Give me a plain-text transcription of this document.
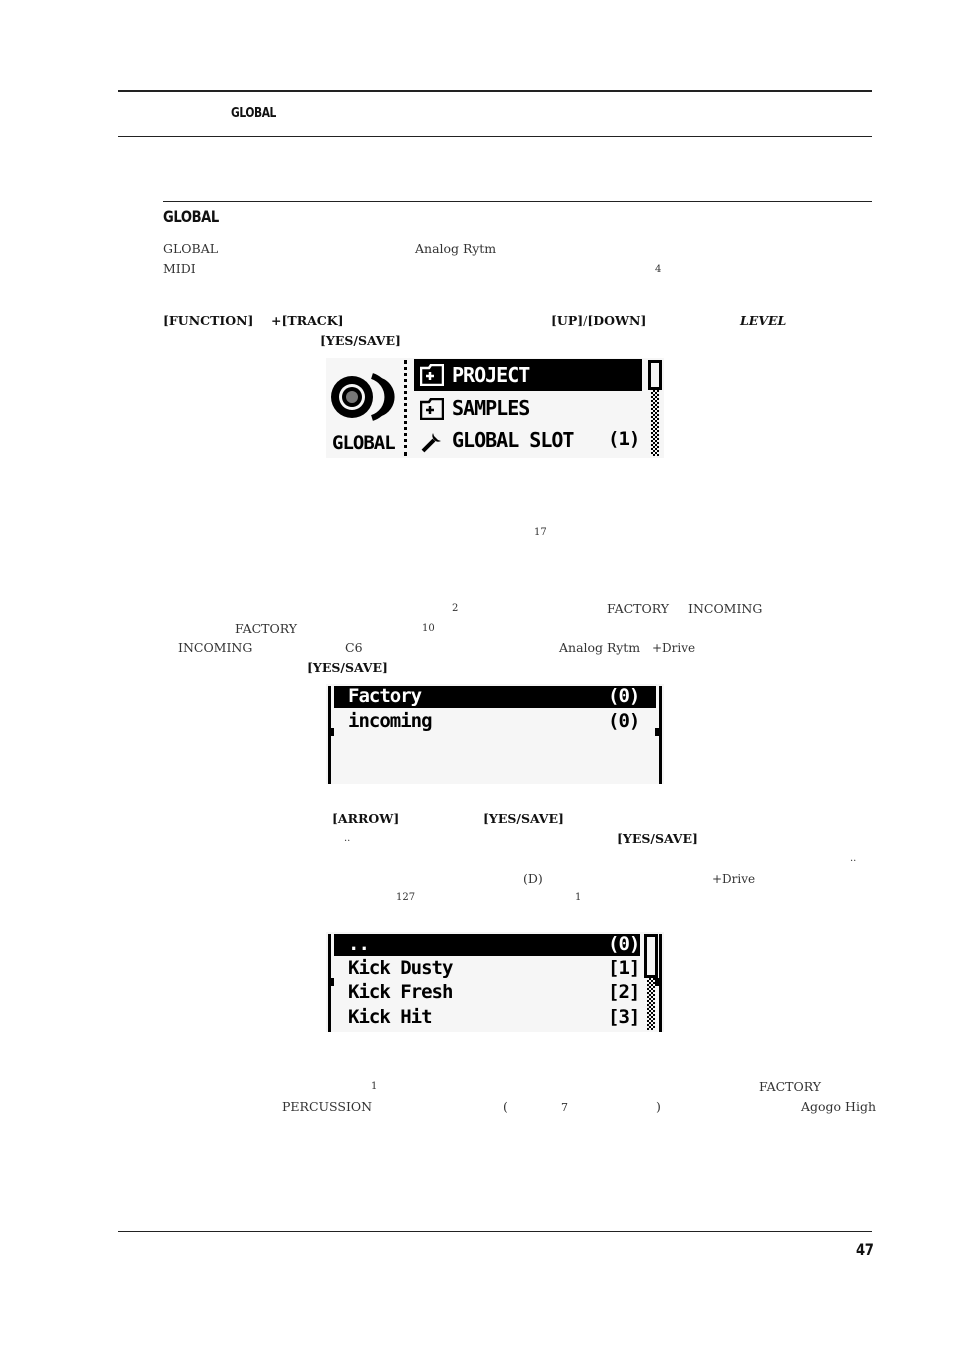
GLOBAL
GLOBAL
GLOBAL	Analog Rytm
MIDI	4
[FUNCTION] +[TRACK]	[UP]/[DOWN]	LEVEL
[YES/SAVE]
GLOBAL
PROJECT
SAMPLES
GLOBAL SLOT (1)
17
2	FACTORY INCOMING
FACTORY	10
INCOMING	C6	Analog Rytm +Drive
[YES/SAVE]
Factory	(0)
incoming	(0)
[ARROW]	[YES/SAVE]
..	[YES/SAVE]
..
(D)	+Drive
127	1
..	(0)
Kick Dusty	[1]
Kick Fresh	[2]
Kick Hit	[3]
1	FACTORY
PERCUSSION	(	7	)	Agogo High
47
